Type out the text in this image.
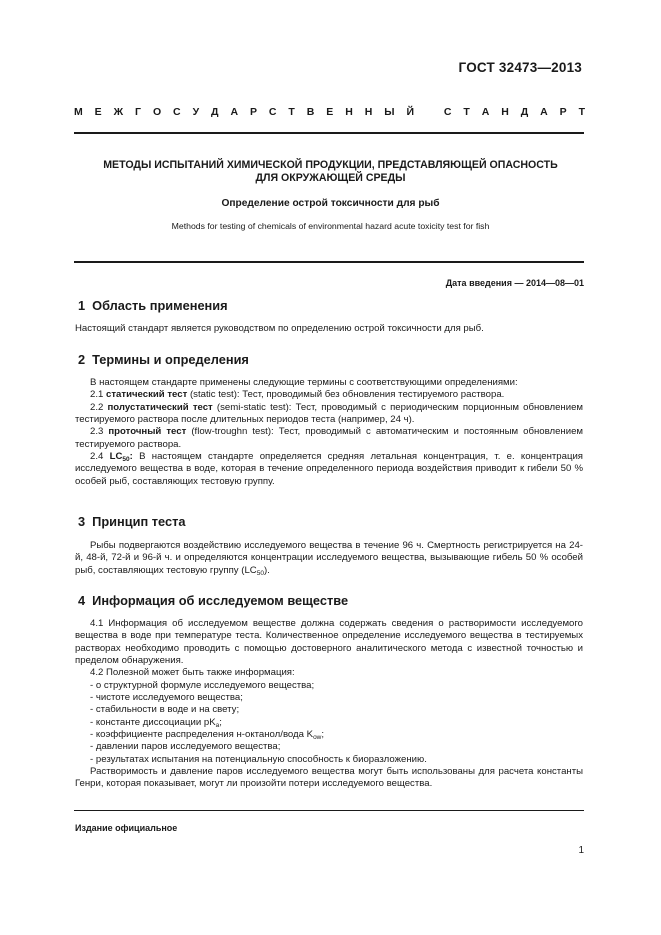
ГОСТ 32473—2013
М Е Ж Г О С У Д А Р С Т В Е Н Н Ы Й	С Т А Н Д А Р Т
МЕТОДЫ ИСПЫТАНИЙ ХИМИЧЕСКОЙ ПРОДУКЦИИ, ПРЕДСТАВЛЯЮЩЕЙ ОПАСНОСТЬ
ДЛЯ ОКРУЖАЮЩЕЙ СРЕДЫ
Определение острой токсичности для рыб
Methods for testing of chemicals of environmental hazard acute toxicity test for fish
Дата введения — 2014—08—01
1 Область применения

Настоящий стандарт является руководством по определению острой токсичности для рыб.

2 Термины и определения

В настоящем стандарте применены следующие термины с соответствующими определениями:

2.1 статический тест (static test): Тест, проводимый без обновления тестируемого раствора.

2.2 полустатический тест (semi-static test): Тест, проводимый с периодическим порционным обновлением тестируемого раствора после длительных периодов теста (например, 24 ч).

2.3 проточный тест (flow-troughn test): Тест, проводимый с автоматическим и постоянным обновлением тестируемого раствора.

2.4 $LC_{50}$: В настоящем стандарте определяется средняя летальная концентрация, т. е. концентрация исследуемого вещества в воде, которая в течение определенного периода воздействия приводит к гибели 50 % особей рыб, составляющих тестовую группу.

3 Принцип теста

Рыбы подвергаются воздействию исследуемого вещества в течение 96 ч. Смертность регистрируется на 24-й, 48-й, 72-й и 96-й ч. и определяются концентрации исследуемого вещества, вызывающие гибель 50 % особей рыб, составляющих тестовую группу $(LC_{50})$.

4 Информация об исследуемом веществе

4.1 Информация об исследуемом веществе должна содержать сведения о растворимости исследуемого вещества в воде при температуре теста. Количественное определение исследуемого вещества в тестируемых растворах необходимо проводить с помощью достоверного аналитического метода с известной точностью и пределом обнаружения.

4.2 Полезной может быть также информация:

- о структурной формуле исследуемого вещества;

- чистоте исследуемого вещества;

- стабильности в воде и на свету;

- константе диссоциации $pK_a$;

- коэффициенте распределения н-октанол/вода $K_{ow}$;

- давлении паров исследуемого вещества;

- результатах испытания на потенциальную способность к биоразложению.

Растворимость и давление паров исследуемого вещества могут быть использованы для расчета константы Генри, которая показывает, могут ли произойти потери исследуемого вещества.

Издание официальное
1
